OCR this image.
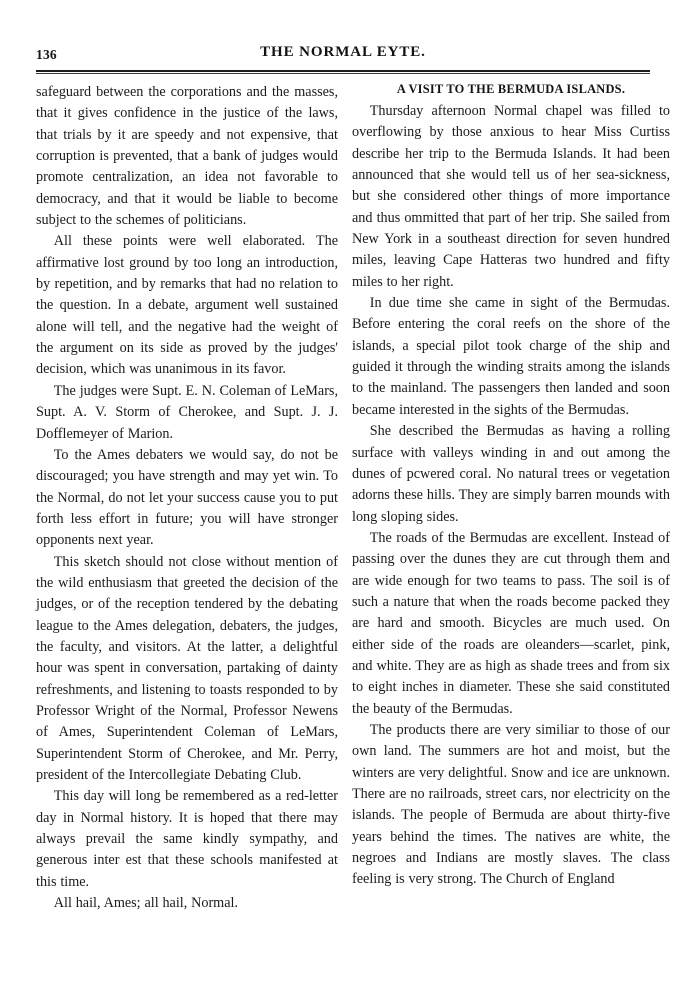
136	THE NORMAL EYTE.

safeguard between the corporations and the masses, that it gives confidence in the justice of the laws, that trials by it are speedy and not expensive, that corruption is prevented, that a bank of judges would promote centralization, an idea not favorable to democracy, and that it would be liable to become subject to the schemes of politicians.

All these points were well elaborated. The affirmative lost ground by too long an introduction, by repetition, and by remarks that had no relation to the question. In a debate, argument well sustained alone will tell, and the negative had the weight of the argument on its side as proved by the judges' decision, which was unanimous in its favor.

The judges were Supt. E. N. Coleman of LeMars, Supt. A. V. Storm of Cherokee, and Supt. J. J. Dofflemeyer of Marion.

To the Ames debaters we would say, do not be discouraged; you have strength and may yet win. To the Normal, do not let your success cause you to put forth less effort in future; you will have stronger opponents next year.

This sketch should not close without mention of the wild enthusiasm that greeted the decision of the judges, or of the reception tendered by the debating league to the Ames delegation, debaters, the judges, the faculty, and visitors. At the latter, a delightful hour was spent in conversation, partaking of dainty refreshments, and listening to toasts responded to by Professor Wright of the Normal, Professor Newens of Ames, Superintendent Coleman of LeMars, Superintendent Storm of Cherokee, and Mr. Perry, president of the Intercollegiate Debating Club.

This day will long be remembered as a red-letter day in Normal history. It is hoped that there may always prevail the same kindly sympathy, and generous inter est that these schools manifested at this time.

All hail, Ames; all hail, Normal.

A VISIT TO THE BERMUDA ISLANDS.

Thursday afternoon Normal chapel was filled to overflowing by those anxious to hear Miss Curtiss describe her trip to the Bermuda Islands. It had been announced that she would tell us of her sea-sickness, but she considered other things of more importance and thus ommitted that part of her trip. She sailed from New York in a southeast direction for seven hundred miles, leaving Cape Hatteras two hundred and fifty miles to her right.

In due time she came in sight of the Bermudas. Before entering the coral reefs on the shore of the islands, a special pilot took charge of the ship and guided it through the winding straits among the islands to the mainland. The passengers then landed and soon became interested in the sights of the Bermudas.

She described the Bermudas as having a rolling surface with valleys winding in and out among the dunes of pcwered coral. No natural trees or vegetation adorns these hills. They are simply barren mounds with long sloping sides.

The roads of the Bermudas are excellent. Instead of passing over the dunes they are cut through them and are wide enough for two teams to pass. The soil is of such a nature that when the roads become packed they are hard and smooth. Bicycles are much used. On either side of the roads are oleanders—scarlet, pink, and white. They are as high as shade trees and from six to eight inches in diameter. These she said constituted the beauty of the Bermudas.

The products there are very similiar to those of our own land. The summers are hot and moist, but the winters are very delightful. Snow and ice are unknown. There are no railroads, street cars, nor electricity on the islands. The people of Bermuda are about thirty-five years behind the times. The natives are white, the negroes and Indians are mostly slaves. The class feeling is very strong. The Church of England
